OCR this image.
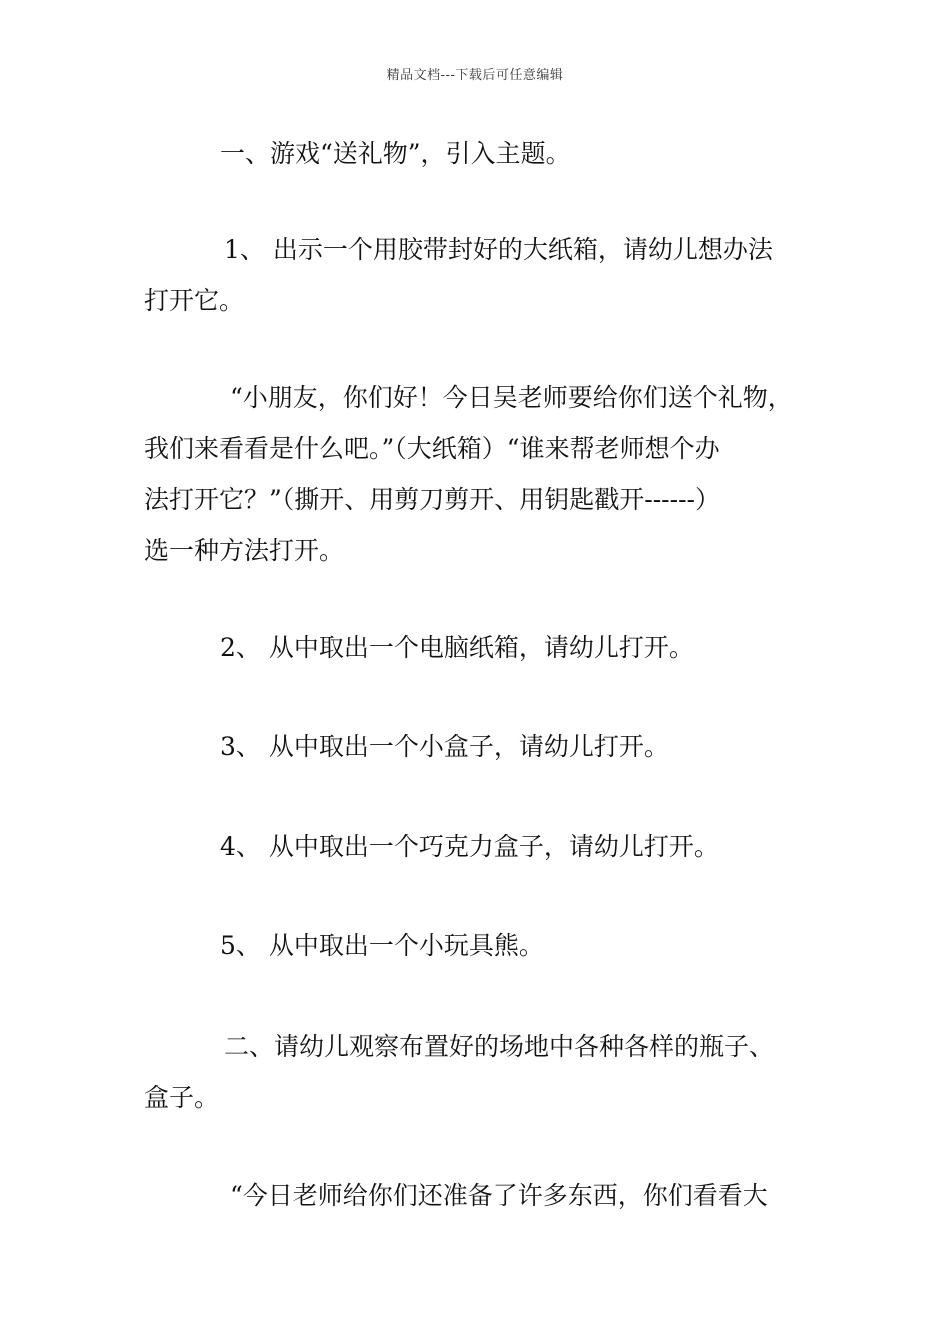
精品文档---下载后可任意编辑

一、游戏“送礼物”，引入主题。

1、 出示一个用胶带封好的大纸箱，请幼儿想办法
打开它。

“小朋友，你们好！今日吴老师要给你们送个礼物，
我们来看看是什么吧。”（大纸箱）“谁来帮老师想个办
法打开它？”（撕开、用剪刀剪开、用钥匙戳开------）
选一种方法打开。

2、 从中取出一个电脑纸箱，请幼儿打开。

3、 从中取出一个小盒子，请幼儿打开。

4、 从中取出一个巧克力盒子，请幼儿打开。

5、 从中取出一个小玩具熊。

二、请幼儿观察布置好的场地中各种各样的瓶子、
盒子。

“今日老师给你们还准备了许多东西，你们看看大
